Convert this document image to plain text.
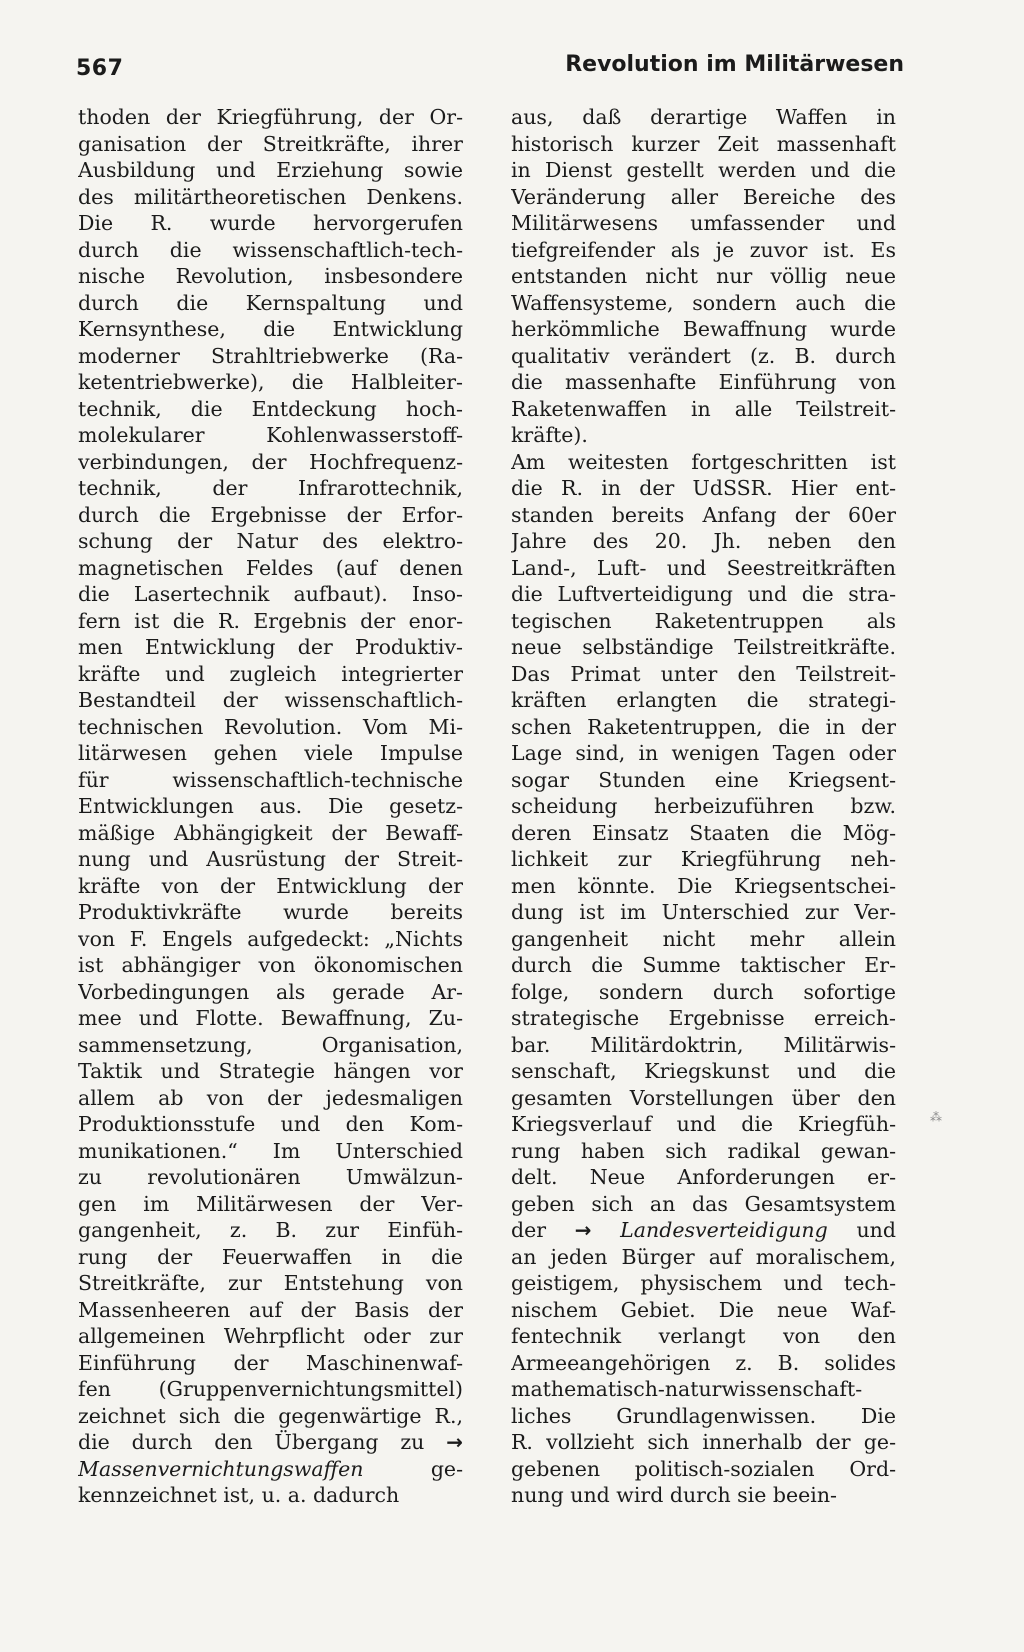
567	Revolution im Militärwesen
thoden der Kriegführung, der Or-
ganisation der Streitkräfte, ihrer
Ausbildung und Erziehung sowie
des militärtheoretischen Denkens.
Die R. wurde hervorgerufen
durch die wissenschaftlich-tech-
nische Revolution, insbesondere
durch die Kernspaltung und
Kernsynthese, die Entwicklung
moderner Strahltriebwerke (Ra-
ketentriebwerke), die Halbleiter-
technik, die Entdeckung hoch-
molekularer Kohlenwasserstoff-
verbindungen, der Hochfrequenz-
technik, der Infrarottechnik,
durch die Ergebnisse der Erfor-
schung der Natur des elektro-
magnetischen Feldes (auf denen
die Lasertechnik aufbaut). Inso-
fern ist die R. Ergebnis der enor-
men Entwicklung der Produktiv-
kräfte und zugleich integrierter
Bestandteil der wissenschaftlich-
technischen Revolution. Vom Mi-
litärwesen gehen viele Impulse
für wissenschaftlich-technische
Entwicklungen aus. Die gesetz-
mäßige Abhängigkeit der Bewaff-
nung und Ausrüstung der Streit-
kräfte von der Entwicklung der
Produktivkräfte wurde bereits
von F. Engels aufgedeckt: „Nichts
ist abhängiger von ökonomischen
Vorbedingungen als gerade Ar-
mee und Flotte. Bewaffnung, Zu-
sammensetzung, Organisation,
Taktik und Strategie hängen vor
allem ab von der jedesmaligen
Produktionsstufe und den Kom-
munikationen.“ Im Unterschied
zu revolutionären Umwälzun-
gen im Militärwesen der Ver-
gangenheit, z. B. zur Einfüh-
rung der Feuerwaffen in die
Streitkräfte, zur Entstehung von
Massenheeren auf der Basis der
allgemeinen Wehrpflicht oder zur
Einführung der Maschinenwaf-
fen (Gruppenvernichtungsmittel)
zeichnet sich die gegenwärtige R.,
die durch den Übergang zu →
Massenvernichtungswaffen	ge-
kennzeichnet ist, u. a. dadurch
aus, daß derartige Waffen in
historisch kurzer Zeit massenhaft
in Dienst gestellt werden und die
Veränderung aller Bereiche des
Militärwesens umfassender und
tiefgreifender als je zuvor ist. Es
entstanden nicht nur völlig neue
Waffensysteme, sondern auch die
herkömmliche Bewaffnung wurde
qualitativ verändert (z. B. durch
die massenhafte Einführung von
Raketenwaffen in alle Teilstreit-
kräfte).
Am weitesten fortgeschritten ist
die R. in der UdSSR. Hier ent-
standen bereits Anfang der 60er
Jahre des 20. Jh. neben den
Land-, Luft- und Seestreitkräften
die Luftverteidigung und die stra-
tegischen Raketentruppen als
neue selbständige Teilstreitkräfte.
Das Primat unter den Teilstreit-
kräften erlangten die strategi-
schen Raketentruppen, die in der
Lage sind, in wenigen Tagen oder
sogar Stunden eine Kriegsent-
scheidung herbeizuführen bzw.
deren Einsatz Staaten die Mög-
lichkeit zur Kriegführung neh-
men könnte. Die Kriegsentschei-
dung ist im Unterschied zur Ver-
gangenheit nicht mehr allein
durch die Summe taktischer Er-
folge, sondern durch sofortige
strategische Ergebnisse erreich-
bar. Militärdoktrin, Militärwis-
senschaft, Kriegskunst und die
gesamten Vorstellungen über den
Kriegsverlauf und die Kriegfüh-
rung haben sich radikal gewan-
delt. Neue Anforderungen er-
geben sich an das Gesamtsystem
der → Landesverteidigung und
an jeden Bürger auf moralischem,
geistigem, physischem und tech-
nischem Gebiet. Die neue Waf-
fentechnik verlangt von den
Armeeangehörigen z. B. solides
mathematisch-naturwissenschaft-
liches Grundlagenwissen. Die
R. vollzieht sich innerhalb der ge-
gebenen politisch-sozialen Ord-
nung und wird durch sie beein-
⁂
